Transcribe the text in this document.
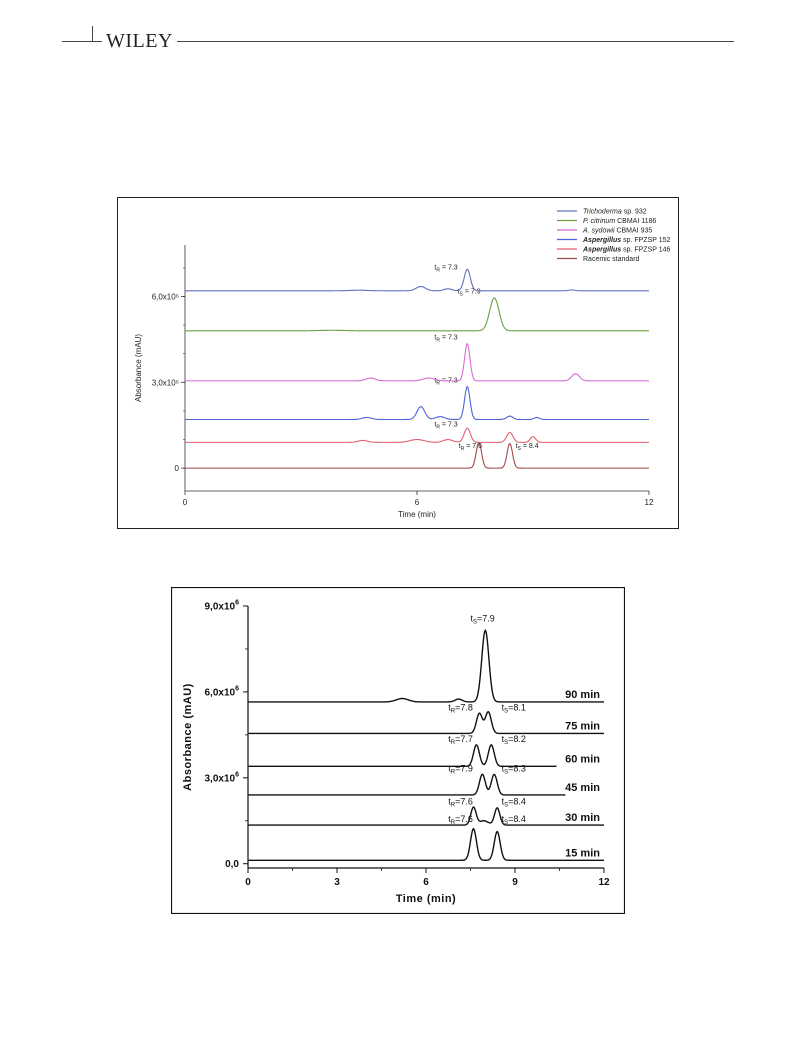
WILEY
0	6	12
0
3,0x10⁶
6,0x10⁶
Time (min)
Absorbance (mAU)
$t_R = 7.6$	$t_S = 8.4$
$t_R = 7.3$
$t_R = 7.3$
$t_R = 7.3$
$t_S = 7.9$
$t_R = 7.3$
Trichoderma sp. 932
P. citrinum CBMAI 1186
A. sydowii CBMAI 935
Aspergillus sp. FPZSP 152
Aspergillus sp. FPZSP 146
Racemic standard
0	3	6	9	12
0,0
$3,0x10^6$
$6,0x10^6$
$9,0x10^6$
Time (min)
Absorbance (mAU)
$t_R=7.6$	$t_S=8.4$
15 min
$t_R=7.6$	$t_S=8.4$
30 min
$t_R=7.9$	$t_S=8.3$
45 min
$t_R=7.7$	$t_S=8.2$
60 min
$t_R=7.8$	$t_S=8.1$
75 min
$t_S=7.9$
90 min
